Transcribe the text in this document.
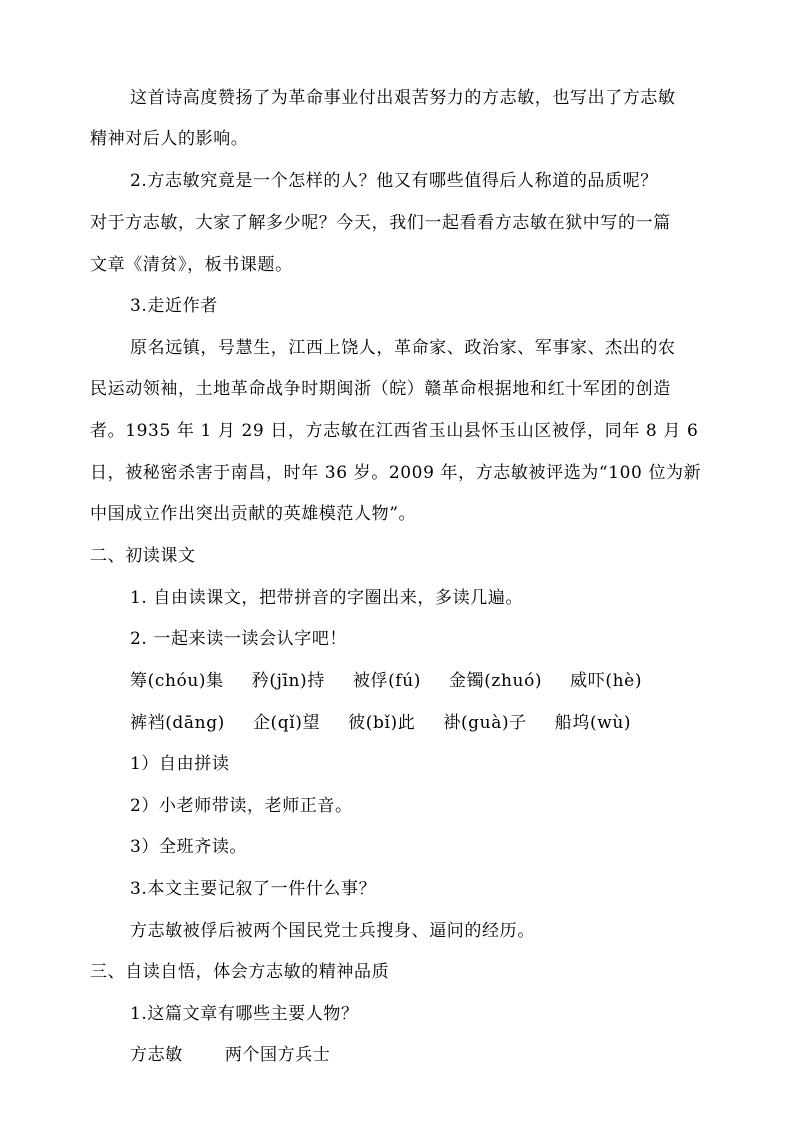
这首诗高度赞扬了为革命事业付出艰苦努力的方志敏，也写出了方志敏
精神对后人的影响。
2.方志敏究竟是一个怎样的人？他又有哪些值得后人称道的品质呢？
对于方志敏，大家了解多少呢？今天，我们一起看看方志敏在狱中写的一篇
文章《清贫》，板书课题。
3.走近作者
原名远镇，号慧生，江西上饶人，革命家、政治家、军事家、杰出的农
民运动领袖，土地革命战争时期闽浙（皖）赣革命根据地和红十军团的创造
者。1935 年 1 月 29 日，方志敏在江西省玉山县怀玉山区被俘，同年 8 月 6
日，被秘密杀害于南昌，时年 36 岁。2009 年，方志敏被评选为“100 位为新
中国成立作出突出贡献的英雄模范人物”。
二、初读课文
1. 自由读课文，把带拼音的字圈出来，多读几遍。
2. 一起来读一读会认字吧！
筹(chóu)集 矜(jīn)持 被俘(fú) 金镯(zhuó) 威吓(hè)
裤裆(dāng) 企(qǐ)望 彼(bǐ)此 褂(guà)子 船坞(wù)
1）自由拼读
2）小老师带读，老师正音。
3）全班齐读。
3.本文主要记叙了一件什么事？
方志敏被俘后被两个国民党士兵搜身、逼问的经历。
三、自读自悟，体会方志敏的精神品质
1.这篇文章有哪些主要人物？
方志敏 两个国方兵士
